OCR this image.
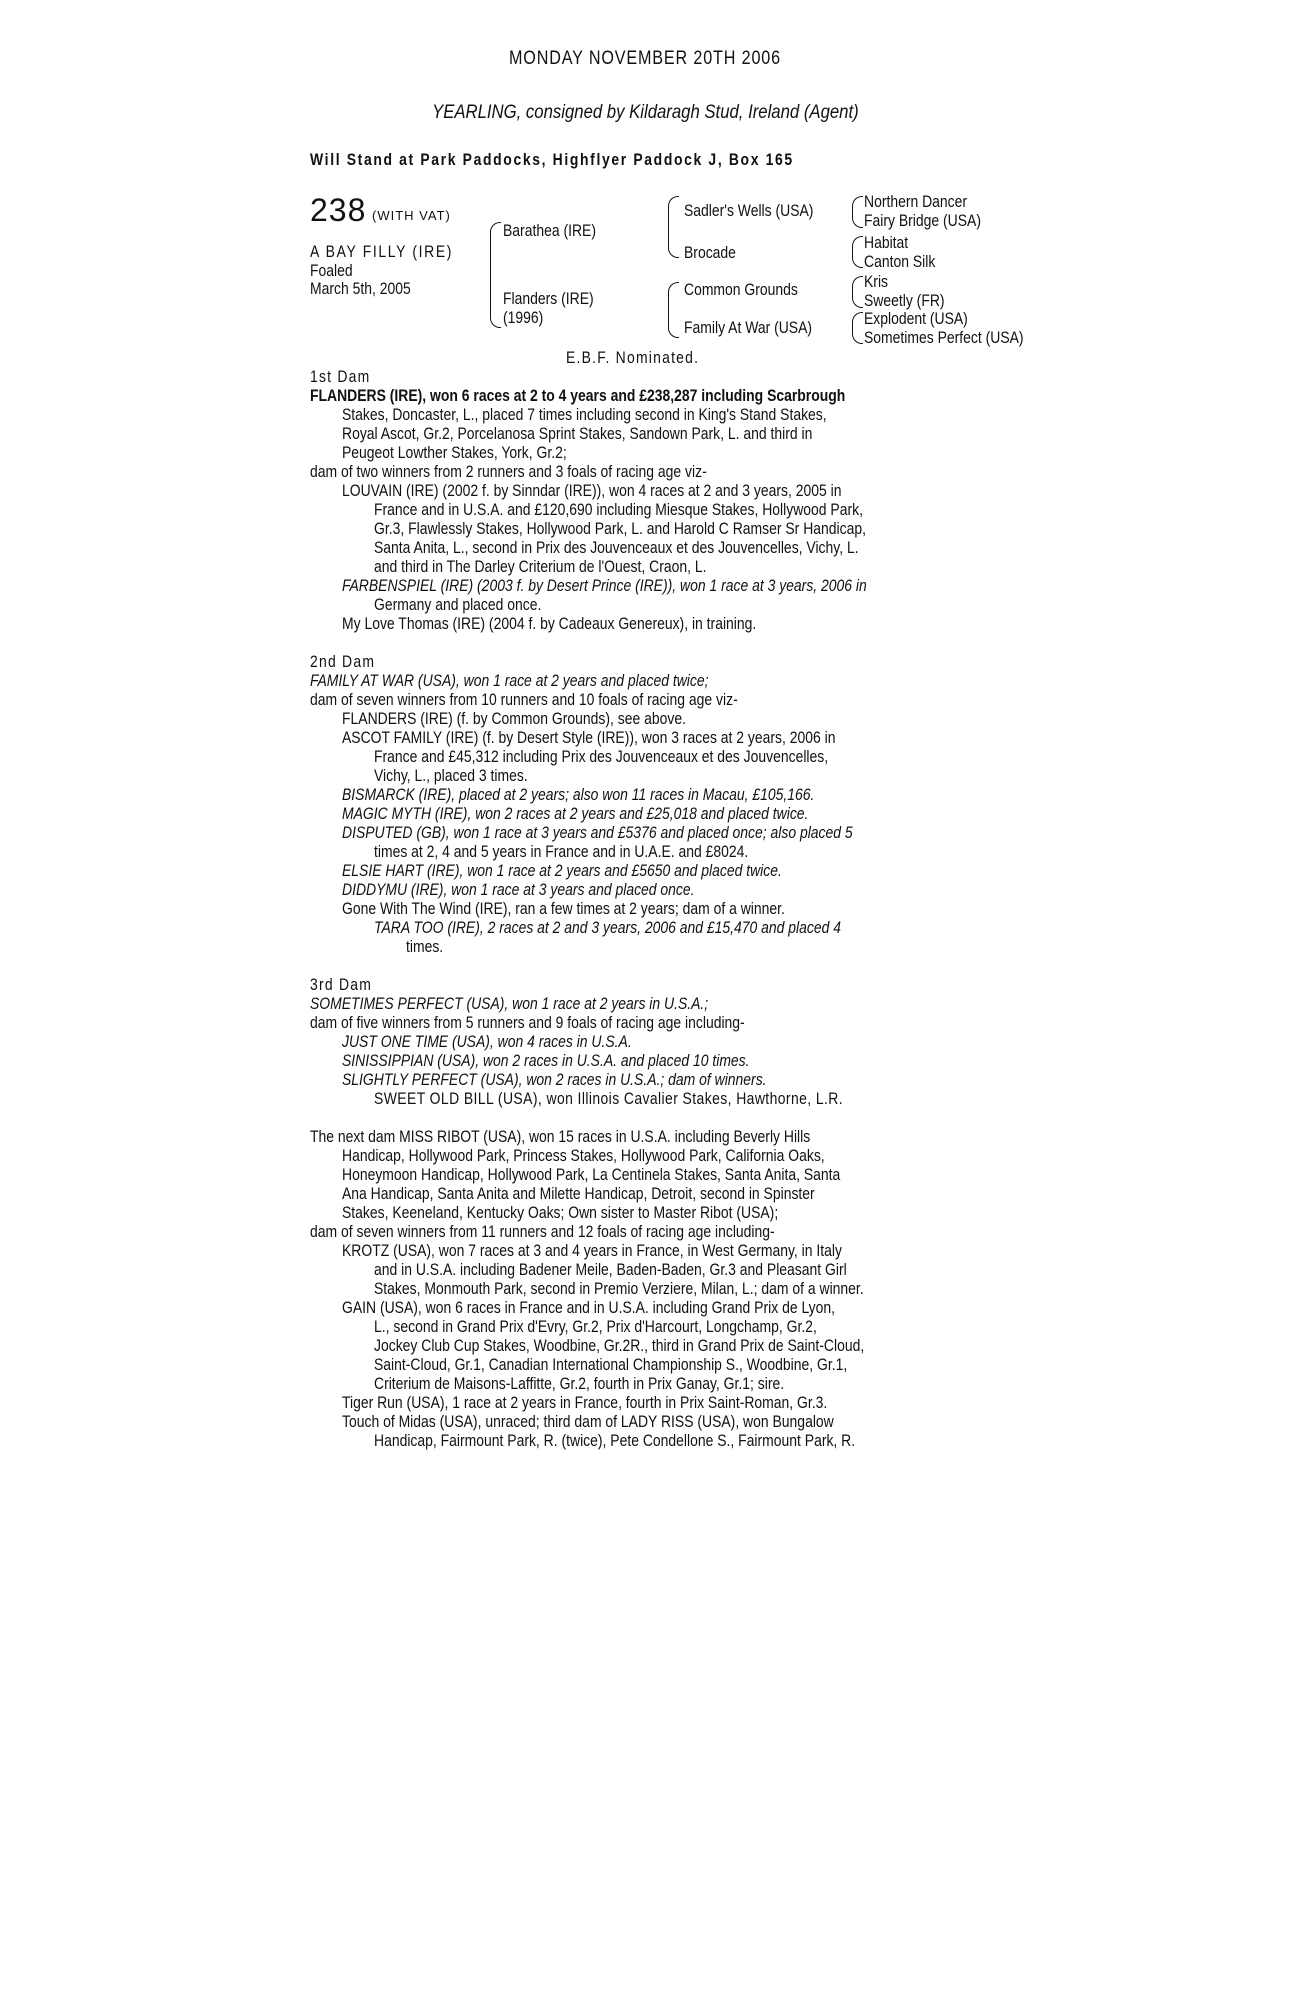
MONDAY NOVEMBER 20TH 2006
YEARLING, consigned by Kildaragh Stud, Ireland (Agent)
Will Stand at Park Paddocks, Highflyer Paddock J, Box 165
238 (WITH VAT)
A BAY FILLY (IRE)
Foaled
March 5th, 2005
Barathea (IRE)
Flanders (IRE)
(1996)
Sadler's Wells (USA)
Brocade
Common Grounds
Family At War (USA)
Northern Dancer
Fairy Bridge (USA)
Habitat
Canton Silk
Kris
Sweetly (FR)
Explodent (USA)
Sometimes Perfect (USA)
E.B.F. Nominated.
1st Dam
FLANDERS (IRE), won 6 races at 2 to 4 years and £238,287 including Scarbrough
Stakes, Doncaster, L., placed 7 times including second in King's Stand Stakes,
Royal Ascot, Gr.2, Porcelanosa Sprint Stakes, Sandown Park, L. and third in
Peugeot Lowther Stakes, York, Gr.2;
dam of two winners from 2 runners and 3 foals of racing age viz-
LOUVAIN (IRE) (2002 f. by Sinndar (IRE)), won 4 races at 2 and 3 years, 2005 in
France and in U.S.A. and £120,690 including Miesque Stakes, Hollywood Park,
Gr.3, Flawlessly Stakes, Hollywood Park, L. and Harold C Ramser Sr Handicap,
Santa Anita, L., second in Prix des Jouvenceaux et des Jouvencelles, Vichy, L.
and third in The Darley Criterium de l'Ouest, Craon, L.
FARBENSPIEL (IRE) (2003 f. by Desert Prince (IRE)), won 1 race at 3 years, 2006 in
Germany and placed once.
My Love Thomas (IRE) (2004 f. by Cadeaux Genereux), in training.
2nd Dam
FAMILY AT WAR (USA), won 1 race at 2 years and placed twice;
dam of seven winners from 10 runners and 10 foals of racing age viz-
FLANDERS (IRE) (f. by Common Grounds), see above.
ASCOT FAMILY (IRE) (f. by Desert Style (IRE)), won 3 races at 2 years, 2006 in
France and £45,312 including Prix des Jouvenceaux et des Jouvencelles,
Vichy, L., placed 3 times.
BISMARCK (IRE), placed at 2 years; also won 11 races in Macau, £105,166.
MAGIC MYTH (IRE), won 2 races at 2 years and £25,018 and placed twice.
DISPUTED (GB), won 1 race at 3 years and £5376 and placed once; also placed 5
times at 2, 4 and 5 years in France and in U.A.E. and £8024.
ELSIE HART (IRE), won 1 race at 2 years and £5650 and placed twice.
DIDDYMU (IRE), won 1 race at 3 years and placed once.
Gone With The Wind (IRE), ran a few times at 2 years; dam of a winner.
TARA TOO (IRE), 2 races at 2 and 3 years, 2006 and £15,470 and placed 4
times.
3rd Dam
SOMETIMES PERFECT (USA), won 1 race at 2 years in U.S.A.;
dam of five winners from 5 runners and 9 foals of racing age including-
JUST ONE TIME (USA), won 4 races in U.S.A.
SINISSIPPIAN (USA), won 2 races in U.S.A. and placed 10 times.
SLIGHTLY PERFECT (USA), won 2 races in U.S.A.; dam of winners.
SWEET OLD BILL (USA), won Illinois Cavalier Stakes, Hawthorne, L.R.
The next dam MISS RIBOT (USA), won 15 races in U.S.A. including Beverly Hills
Handicap, Hollywood Park, Princess Stakes, Hollywood Park, California Oaks,
Honeymoon Handicap, Hollywood Park, La Centinela Stakes, Santa Anita, Santa
Ana Handicap, Santa Anita and Milette Handicap, Detroit, second in Spinster
Stakes, Keeneland, Kentucky Oaks; Own sister to Master Ribot (USA);
dam of seven winners from 11 runners and 12 foals of racing age including-
KROTZ (USA), won 7 races at 3 and 4 years in France, in West Germany, in Italy
and in U.S.A. including Badener Meile, Baden-Baden, Gr.3 and Pleasant Girl
Stakes, Monmouth Park, second in Premio Verziere, Milan, L.; dam of a winner.
GAIN (USA), won 6 races in France and in U.S.A. including Grand Prix de Lyon,
L., second in Grand Prix d'Evry, Gr.2, Prix d'Harcourt, Longchamp, Gr.2,
Jockey Club Cup Stakes, Woodbine, Gr.2R., third in Grand Prix de Saint-Cloud,
Saint-Cloud, Gr.1, Canadian International Championship S., Woodbine, Gr.1,
Criterium de Maisons-Laffitte, Gr.2, fourth in Prix Ganay, Gr.1; sire.
Tiger Run (USA), 1 race at 2 years in France, fourth in Prix Saint-Roman, Gr.3.
Touch of Midas (USA), unraced; third dam of LADY RISS (USA), won Bungalow
Handicap, Fairmount Park, R. (twice), Pete Condellone S., Fairmount Park, R.
